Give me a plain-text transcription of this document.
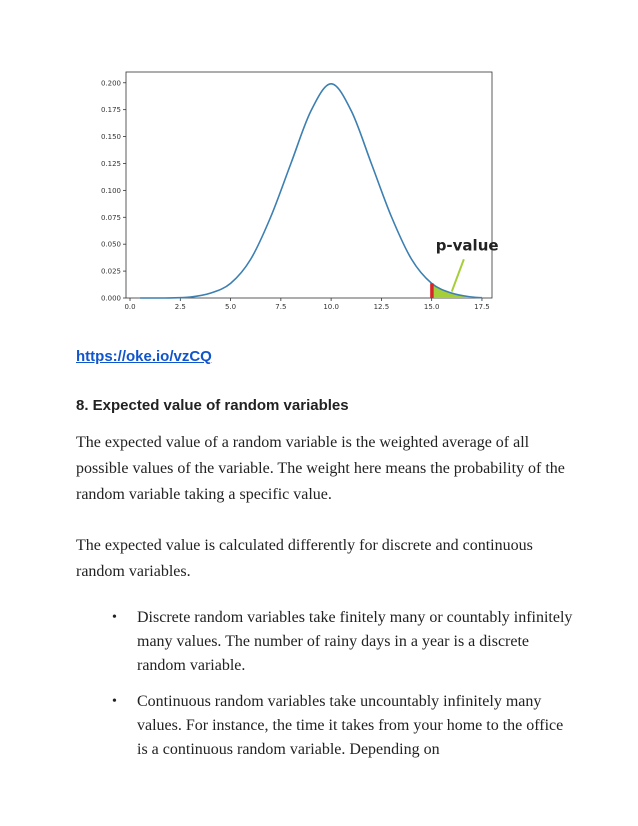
0.000
0.025
0.050
0.075
0.100
0.125
0.150
0.175
0.200
0.0	2.5	5.0	7.5	10.0	12.5	15.0	17.5
p-value
https://oke.io/vzCQ
8. Expected value of random variables

The expected value of a random variable is the weighted average of all possible values of the variable. The weight here means the probability of the random variable taking a specific value.

The expected value is calculated differently for discrete and continuous random variables.

• Discrete random variables take finitely many or countably infinitely many values. The number of rainy days in a year is a discrete random variable.
• Continuous random variables take uncountably infinitely many values. For instance, the time it takes from your home to the office is a continuous random variable. Depending on
